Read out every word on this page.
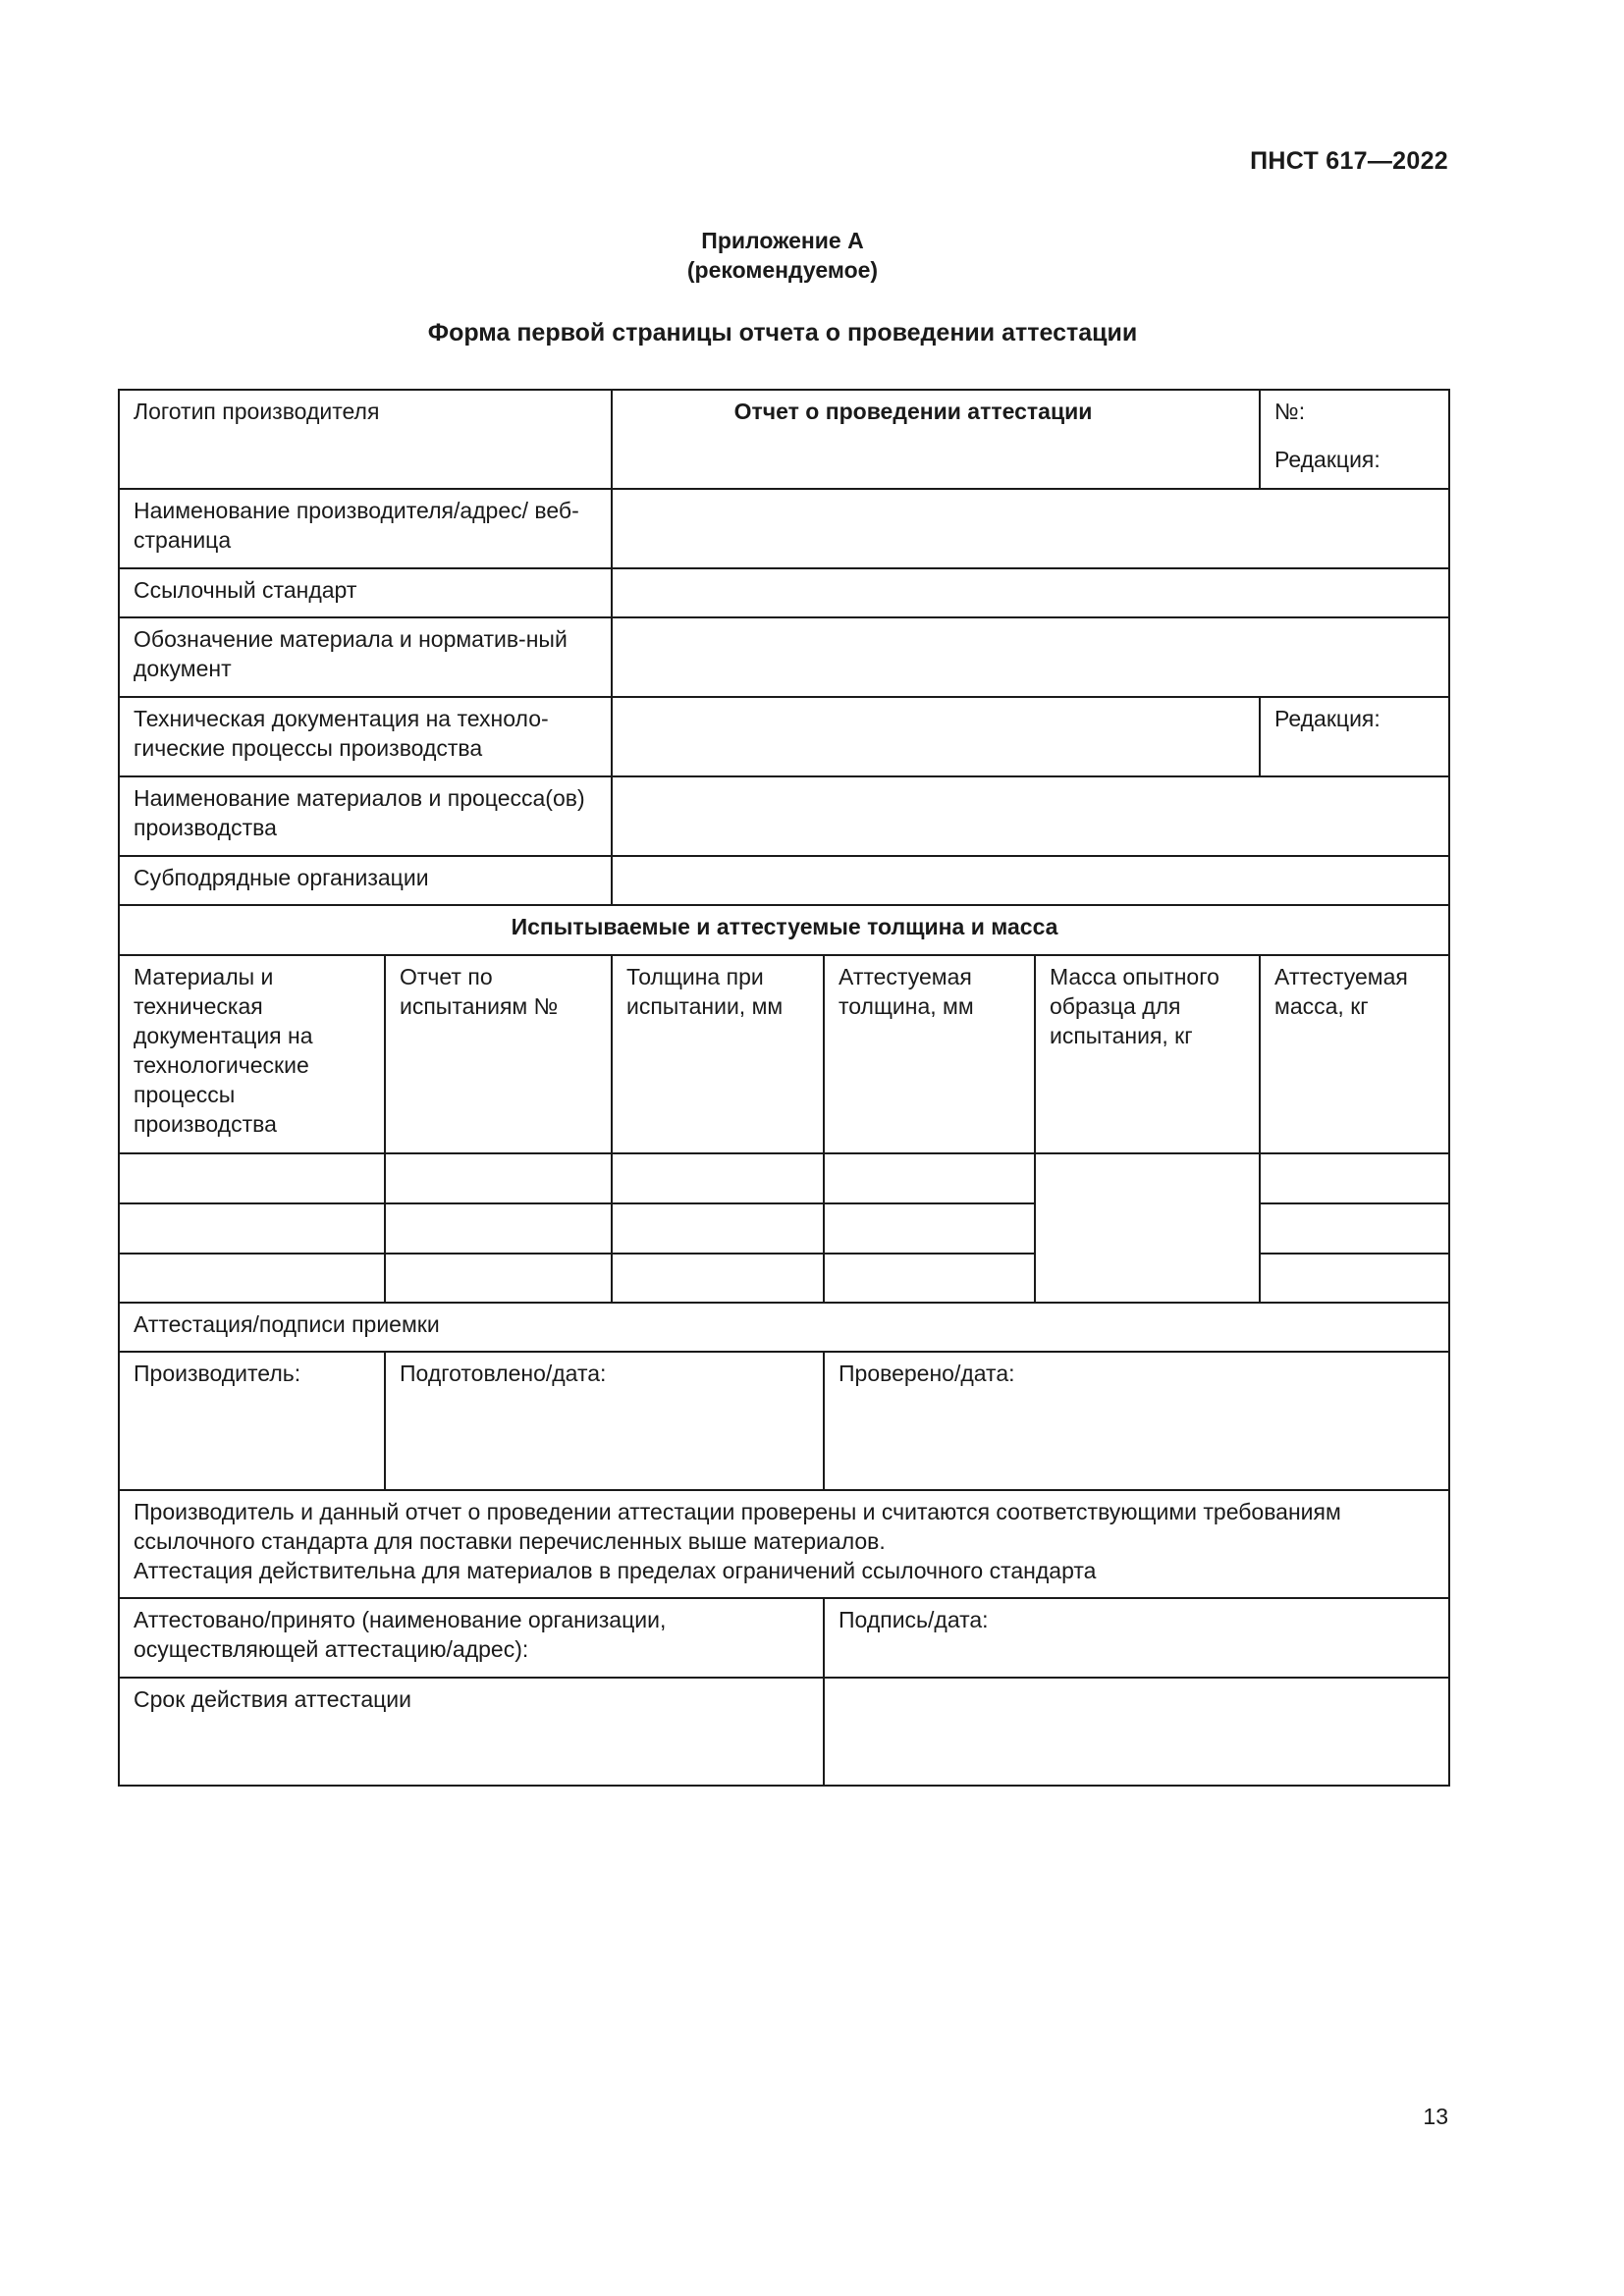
ПНСТ 617—2022
Приложение А
(рекомендуемое)
Форма первой страницы отчета о проведении аттестации
Логотип производителя		Отчет о проведении аттестации			№:
Редакция:

Наименование производителя/адрес/ веб-страница					
Ссылочный стандарт					
Обозначение материала и норматив-ный документ					
Техническая документация на техноло-гические процессы производства					Редакция:
Наименование материалов и процесса(ов) производства					
Субподрядные организации					
Испытываемые и аттестуемые толщина и масса					
Материалы и техническая документация на технологические процессы производства	Отчет по испытаниям №	Толщина при испытании, мм	Аттестуемая толщина, мм	Масса опытного образца для испытания, кг	Аттестуемая масса, кг

Аттестация/подписи приемки					
Производитель:	Подготовлено/дата:		Проверено/дата:		

Производитель и данный отчет о проведении аттестации проверены и считаются соответствующими требованиям ссылочного стандарта для поставки перечисленных выше материалов.
Аттестация действительна для материалов в пределах ограничений ссылочного стандарта					

Аттестовано/принято (наименование организации, осуществляющей аттестацию/адрес):			Подпись/дата:		
Срок действия аттестации					
13
